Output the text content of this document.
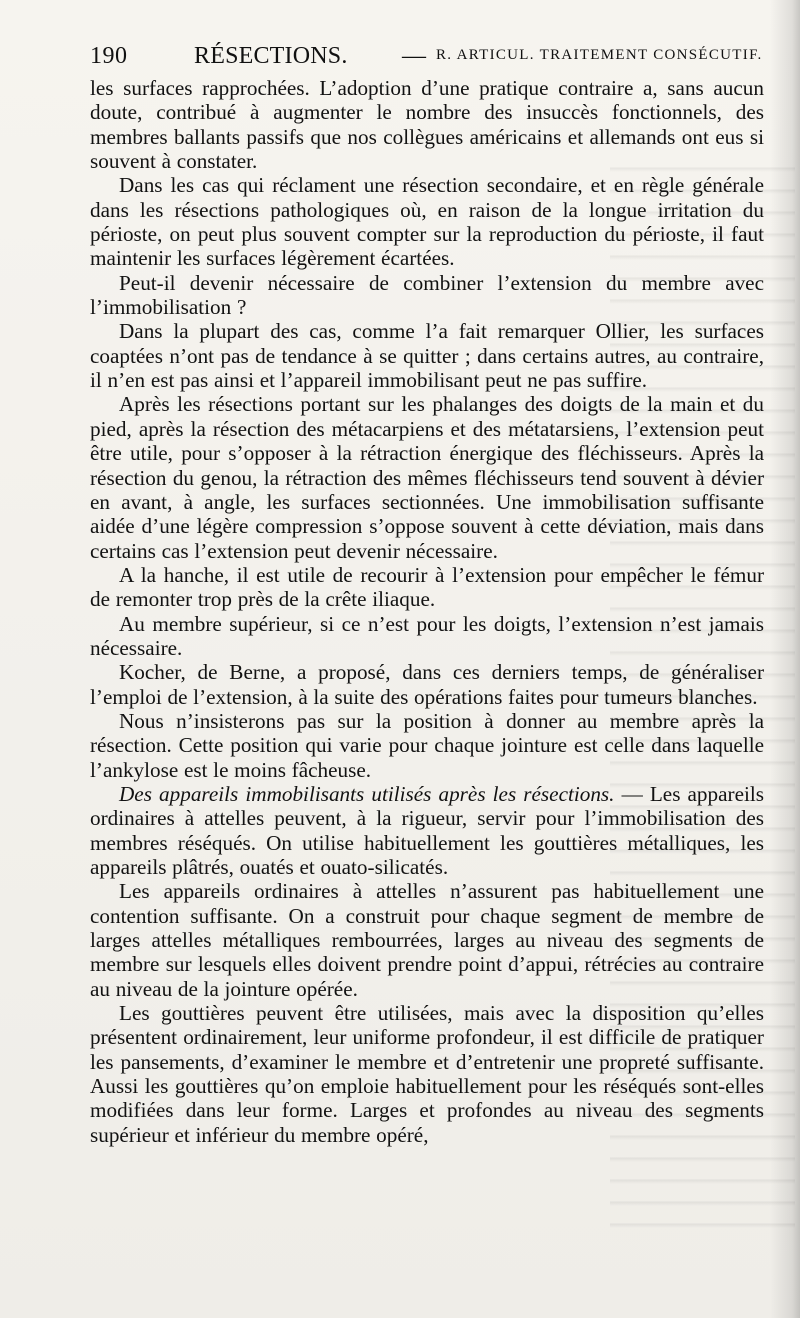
190	RÉSECTIONS. — R. ARTICUL. TRAITEMENT CONSÉCUTIF.

les surfaces rapprochées. L’adoption d’une pratique contraire a, sans aucun doute, contribué à augmenter le nombre des insuccès fonctionnels, des membres ballants passifs que nos collègues américains et allemands ont eus si souvent à constater.

Dans les cas qui réclament une résection secondaire, et en règle générale dans les résections pathologiques où, en raison de la longue irritation du périoste, on peut plus souvent compter sur la reproduction du périoste, il faut maintenir les surfaces légèrement écartées.

Peut-il devenir nécessaire de combiner l’extension du membre avec l’immobilisation ?

Dans la plupart des cas, comme l’a fait remarquer Ollier, les surfaces coaptées n’ont pas de tendance à se quitter ; dans certains autres, au contraire, il n’en est pas ainsi et l’appareil immobilisant peut ne pas suffire.

Après les résections portant sur les phalanges des doigts de la main et du pied, après la résection des métacarpiens et des métatarsiens, l’extension peut être utile, pour s’opposer à la rétraction énergique des fléchisseurs. Après la résection du genou, la rétraction des mêmes fléchisseurs tend souvent à dévier en avant, à angle, les surfaces sectionnées. Une immobilisation suffisante aidée d’une légère compression s’oppose souvent à cette déviation, mais dans certains cas l’extension peut devenir nécessaire.

A la hanche, il est utile de recourir à l’extension pour empêcher le fémur de remonter trop près de la crête iliaque.

Au membre supérieur, si ce n’est pour les doigts, l’extension n’est jamais nécessaire.

Kocher, de Berne, a proposé, dans ces derniers temps, de généraliser l’emploi de l’extension, à la suite des opérations faites pour tumeurs blanches.

Nous n’insisterons pas sur la position à donner au membre après la résection. Cette position qui varie pour chaque jointure est celle dans laquelle l’ankylose est le moins fâcheuse.

Des appareils immobilisants utilisés après les résections. — Les appareils ordinaires à attelles peuvent, à la rigueur, servir pour l’immobilisation des membres réséqués. On utilise habituellement les gouttières métalliques, les appareils plâtrés, ouatés et ouato-silicatés.

Les appareils ordinaires à attelles n’assurent pas habituellement une contention suffisante. On a construit pour chaque segment de membre de larges attelles métalliques rembourrées, larges au niveau des segments de membre sur lesquels elles doivent prendre point d’appui, rétrécies au contraire au niveau de la jointure opérée.

Les gouttières peuvent être utilisées, mais avec la disposition qu’elles présentent ordinairement, leur uniforme profondeur, il est difficile de pratiquer les pansements, d’examiner le membre et d’entretenir une propreté suffisante. Aussi les gouttières qu’on emploie habituellement pour les réséqués sont-elles modifiées dans leur forme. Larges et profondes au niveau des segments supérieur et inférieur du membre opéré,
